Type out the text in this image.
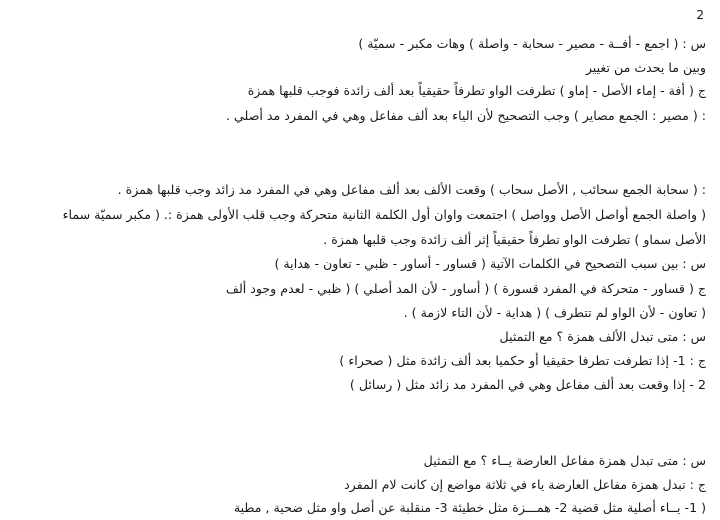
2
س : ( اجمع - أفــة - مصير - سحابة - واصلة ) وهات مكبر - سميّة )
وبين ما يحدث من تغيير
ج ( أفة - إماء الأصل - إماو ) تطرفت الواو تطرفاً حقيقياً بعد ألف زائدة فوجب قلبها همزة
: ( مصير : الجمع مصاير ) وجب التصحيح لأن الياء بعد ألف مفاعل وهي في المفرد مد أصلي .
: ( سحابة الجمع سحائب , الأصل سحاب ) وقعت الألف بعد ألف مفاعل وهي في المفرد مد زائد وجب قلبها همزة .
( واصلة الجمع أواصل الأصل وواصل ) اجتمعت واوان أول الكلمة الثانية متحركة وجب قلب الأولى همزة :. ( مكبر سميّة سماء
الأصل سماو ) تطرفت الواو تطرفاً حقيقياً إثر ألف زائدة وجب قلبها همزة .
س : بين سبب التصحيح في الكلمات الآتية ( قساور - أساور - ظبي - تعاون - هداية )
ج ( قساور - متحركة في المفرد قسورة ) ( أساور - لأن المد أصلي ) ( ظبي - لعدم وجود ألف
( تعاون - لأن الواو لم تتطرف ) ( هداية - لأن التاء لازمة ) .
س : متى تبدل الألف همزة ؟ مع التمثيل
ج : 1- إذا تطرفت تطرفا حقيقيا أو حكميا بعد ألف زائدة مثل ( صحراء )
2 - إذا وقعت بعد ألف مفاعل وهي في المفرد مد زائد مثل ( رسائل )
س : متى تبدل همزة مفاعل العارضة يــاء ؟ مع التمثيل
ج : تبدل همزة مفاعل العارضة ياء في ثلاثة مواضع إن كانت لام المفرد
( 1- يــاء أصلية مثل قضية 2- همـــزة مثل خطيئة 3- منقلبة عن أصل واو مثل ضحية , مطية
